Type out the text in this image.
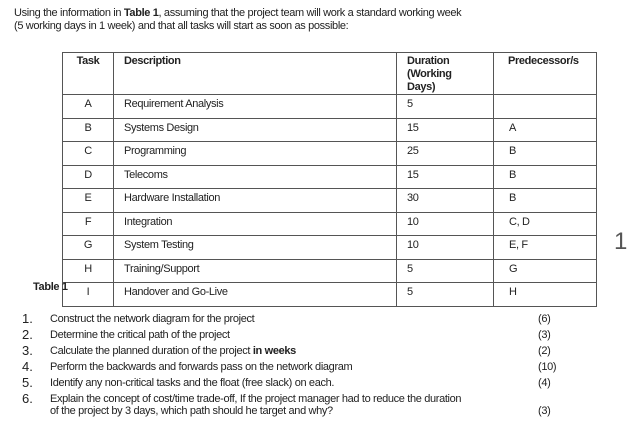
Using the information in Table 1, assuming that the project team will work a standard working week
(5 working days in 1 week) and that all tasks will start as soon as possible:
Task	Description	Duration (Working Days)	Predecessor/s
A	Requirement Analysis	5	
B	Systems Design	15	A
C	Programming	25	B
D	Telecoms	15	B
E	Hardware Installation	30	B
F	Integration	10	C, D
G	System Testing	10	E, F
H	Training/Support	5	G
I	Handover and Go-Live	5	H
Table 1
1. Construct the network diagram for the project	(6)
2. Determine the critical path of the project	(3)
3. Calculate the planned duration of the project in weeks	(2)
4. Perform the backwards and forwards pass on the network diagram	(10)
5. Identify any non-critical tasks and the float (free slack) on each.	(4)
6. Explain the concept of cost/time trade-off, If the project manager had to reduce the duration
of the project by 3 days, which path should he target and why?	(3)
1
